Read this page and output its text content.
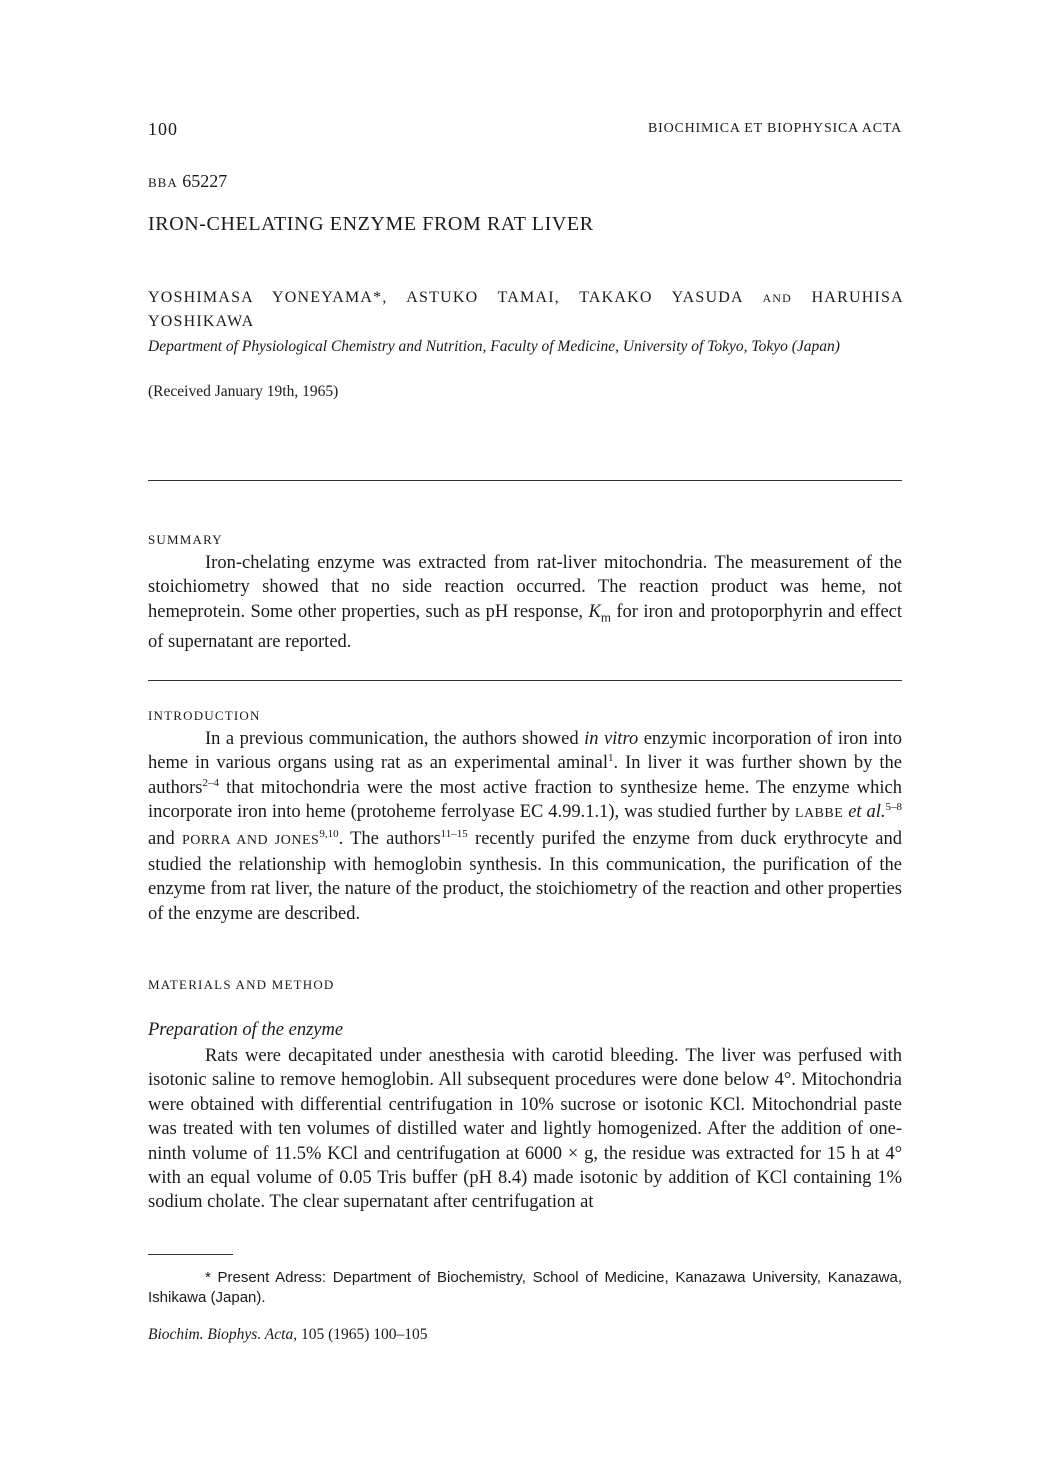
100	BIOCHIMICA ET BIOPHYSICA ACTA
BBA 65227
IRON-CHELATING ENZYME FROM RAT LIVER
YOSHIMASA YONEYAMA*, ASTUKO TAMAI, TAKAKO YASUDA AND HARUHISA YOSHIKAWA
Department of Physiological Chemistry and Nutrition, Faculty of Medicine, University of Tokyo, Tokyo (Japan)
(Received January 19th, 1965)
SUMMARY

Iron-chelating enzyme was extracted from rat-liver mitochondria. The measurement of the stoichiometry showed that no side reaction occurred. The reaction product was heme, not hemeprotein. Some other properties, such as pH response, $K_m$ for iron and protoporphyrin and effect of supernatant are reported.

INTRODUCTION

In a previous communication, the authors showed in vitro enzymic incorporation of iron into heme in various organs using rat as an experimental aminal$^1$. In liver it was further shown by the authors$^{2-4}$ that mitochondria were the most active fraction to synthesize heme. The enzyme which incorporate iron into heme (protoheme ferrolyase EC 4.99.1.1), was studied further by LABBE et al.$^{5-8}$ and PORRA AND JONES$^{9,10}$. The authors$^{11-15}$ recently purifed the enzyme from duck erythrocyte and studied the relationship with hemoglobin synthesis. In this communication, the purification of the enzyme from rat liver, the nature of the product, the stoichiometry of the reaction and other properties of the enzyme are described.

MATERIALS AND METHOD
Preparation of the enzyme

Rats were decapitated under anesthesia with carotid bleeding. The liver was perfused with isotonic saline to remove hemoglobin. All subsequent procedures were done below 4°. Mitochondria were obtained with differential centrifugation in 10% sucrose or isotonic KCl. Mitochondrial paste was treated with ten volumes of distilled water and lightly homogenized. After the addition of one-ninth volume of 11.5% KCl and centrifugation at 6000 × g, the residue was extracted for 15 h at 4° with an equal volume of 0.05 Tris buffer (pH 8.4) made isotonic by addition of KCl containing 1% sodium cholate. The clear supernatant after centrifugation at

* Present Adress: Department of Biochemistry, School of Medicine, Kanazawa University, Kanazawa, Ishikawa (Japan).
Biochim. Biophys. Acta, 105 (1965) 100–105
